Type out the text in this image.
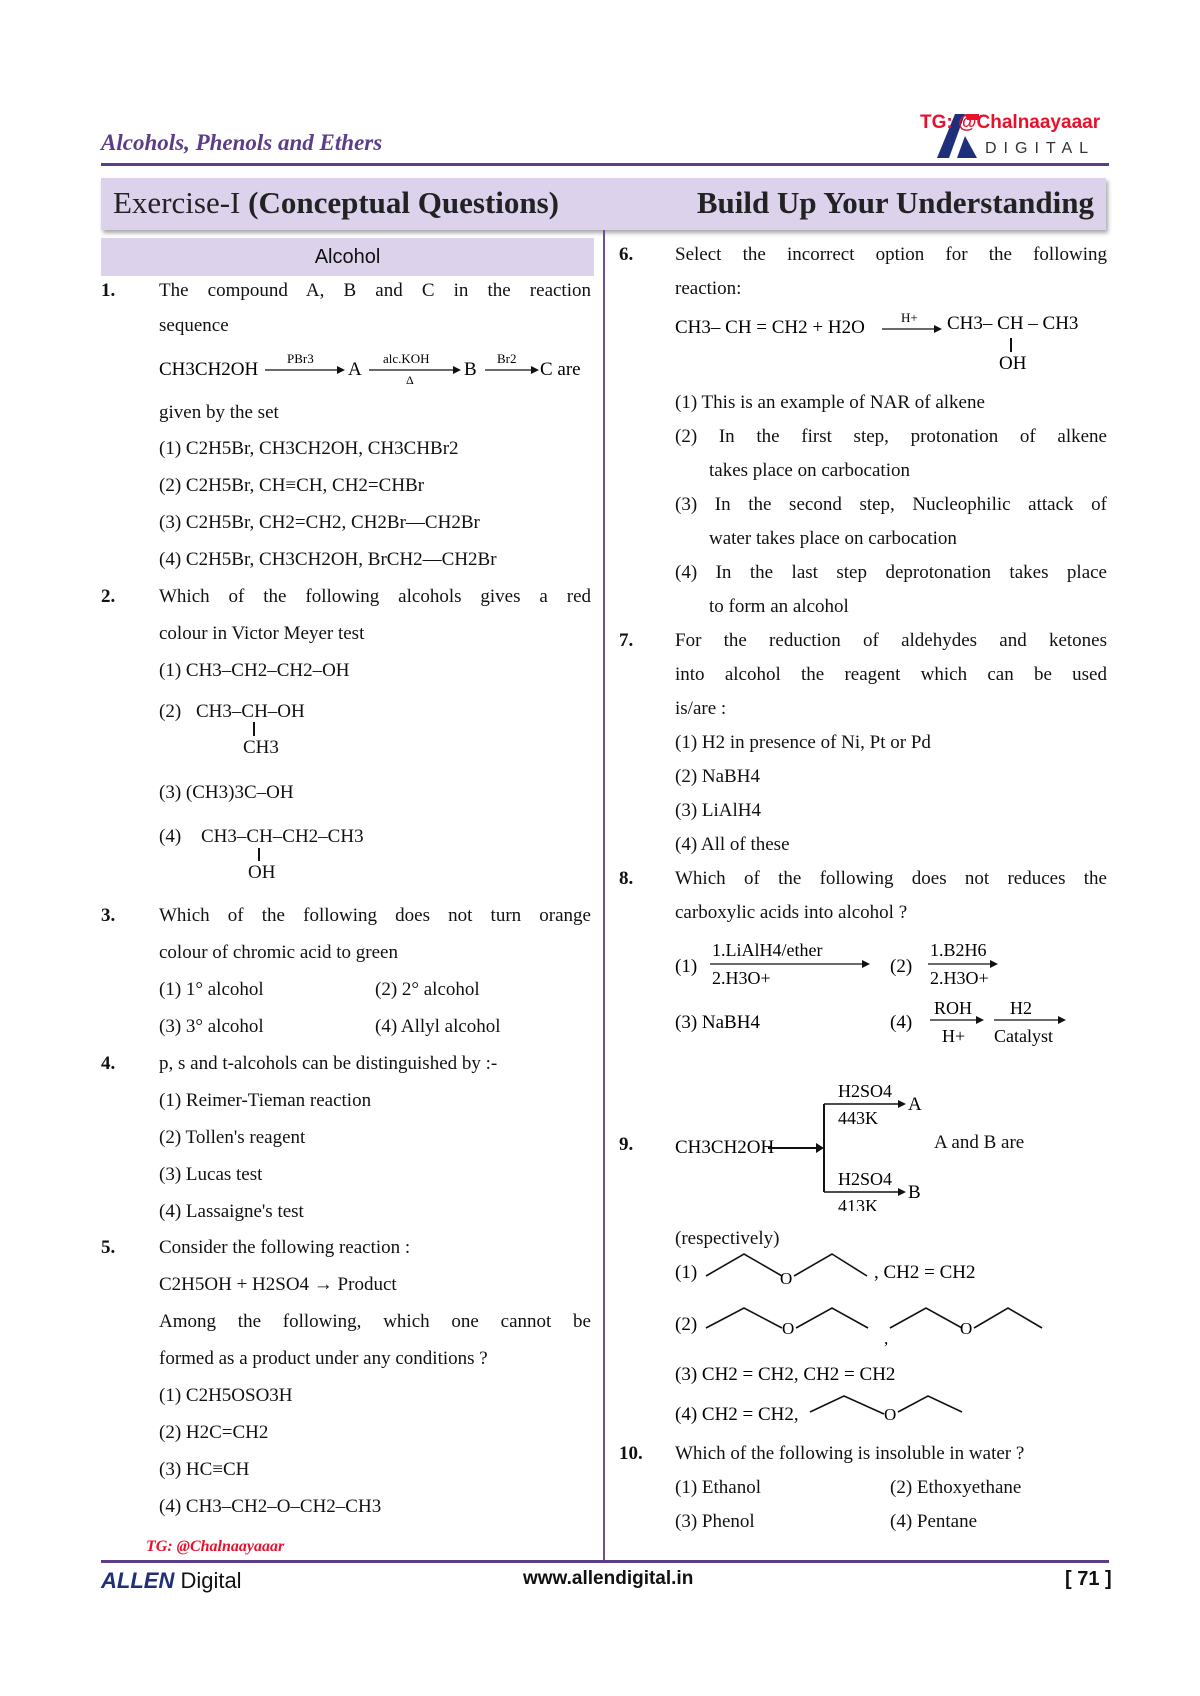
Alcohols, Phenols and Ethers	DIGITAL
TG: @Chalnaayaaar
Exercise-I (Conceptual Questions)	Build Up Your Understanding
Alcohol
1. The compound A, B and C in the reaction
sequence
CH3CH2OH
PBr3
A
alc.KOH
Δ	B
Br2
C are
given by the set
(1) C2H5Br, CH3CH2OH, CH3CHBr2
(2) C2H5Br, CH≡CH, CH2=CHBr
(3) C2H5Br, CH2=CH2, CH2Br—CH2Br
(4) C2H5Br, CH3CH2OH, BrCH2—CH2Br
2. Which of the following alcohols gives a red
colour in Victor Meyer test
(1) CH3–CH2–CH2–OH
(2) CH3–CH–OH
CH3
(3) (CH3)3C–OH
(4) CH3–CH–CH2–CH3
OH
3. Which of the following does not turn orange
colour of chromic acid to green
(1) 1° alcohol	(2) 2° alcohol
(3) 3° alcohol	(4) Allyl alcohol
4. p, s and t-alcohols can be distinguished by :-
(1) Reimer-Tieman reaction
(2) Tollen's reagent
(3) Lucas test
(4) Lassaigne's test
5. Consider the following reaction :
C2H5OH + H2SO4 → Product
Among the following, which one cannot be
formed as a product under any conditions ?
(1) C2H5OSO3H
(2) H2C=CH2
(3) HC≡CH
(4) CH3–CH2–O–CH2–CH3
6. Select the incorrect option for the following
reaction:
CH3– CH = CH2 + H2O	H+ CH3– CH – CH3
OH
(1) This is an example of NAR of alkene
(2) In the first step, protonation of alkene
takes place on carbocation
(3) In the second step, Nucleophilic attack of
water takes place on carbocation
(4) In the last step deprotonation takes place
to form an alcohol
7. For the reduction of aldehydes and ketones
into alcohol the reagent which can be used
is/are :
(1) H2 in presence of Ni, Pt or Pd
(2) NaBH4
(3) LiAlH4
(4) All of these
8. Which of the following does not reduces the
carboxylic acids into alcohol ?
(1)
1.LiAlH4/ether
2.H3O+
(2)
1.B2H6
2.H3O+
(3) NaBH4	(4)
ROH
H+
H2
Catalyst
9. CH3CH2OH
H2SO4
443K
A
H2SO4
413K
B
A and B are
(respectively)
(1)	O	, CH2 = CH2
(2)	O
,
O
(3) CH2 = CH2, CH2 = CH2
(4) CH2 = CH2,	O
10. Which of the following is insoluble in water ?
(1) Ethanol	(2) Ethoxyethane
(3) Phenol	(4) Pentane
TG: @Chalnaayaaar
ALLEN Digital	www.allendigital.in	[ 71 ]
